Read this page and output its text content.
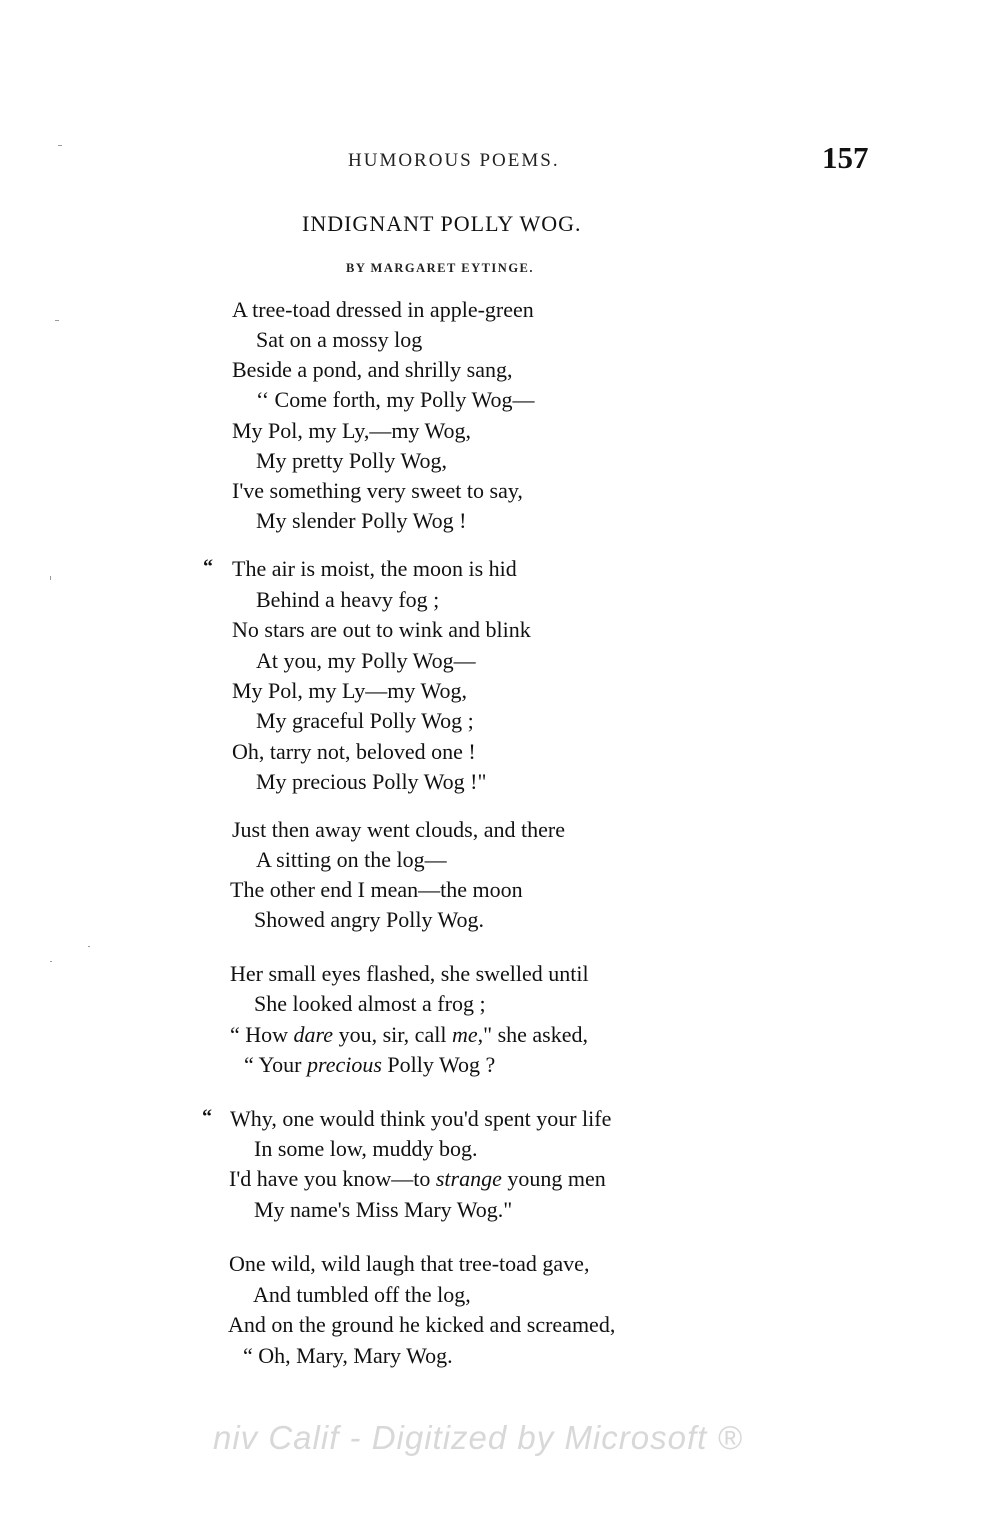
HUMOROUS POEMS.	157
INDIGNANT POLLY WOG.
BY MARGARET EYTINGE.
A tree-toad dressed in apple-green
Sat on a mossy log
Beside a pond, and shrilly sang,
‘‘ Come forth, my Polly Wog—
My Pol, my Ly,—my Wog,
My pretty Polly Wog,
I've something very sweet to say,
My slender Polly Wog !
“ The air is moist, the moon is hid
Behind a heavy fog ;
No stars are out to wink and blink
At you, my Polly Wog—
My Pol, my Ly—my Wog,
My graceful Polly Wog ;
Oh, tarry not, beloved one !
My precious Polly Wog !"
Just then away went clouds, and there
A sitting on the log—
The other end I mean—the moon
Showed angry Polly Wog.
Her small eyes flashed, she swelled until
She looked almost a frog ;
“ How dare you, sir, call me," she asked,
“ Your precious Polly Wog ?
“ Why, one would think you'd spent your life
In some low, muddy bog.
I'd have you know—to strange young men
My name's Miss Mary Wog."
One wild, wild laugh that tree-toad gave,
And tumbled off the log,
And on the ground he kicked and screamed,
“ Oh, Mary, Mary Wog.
niv Calif - Digitized by Microsoft ®
